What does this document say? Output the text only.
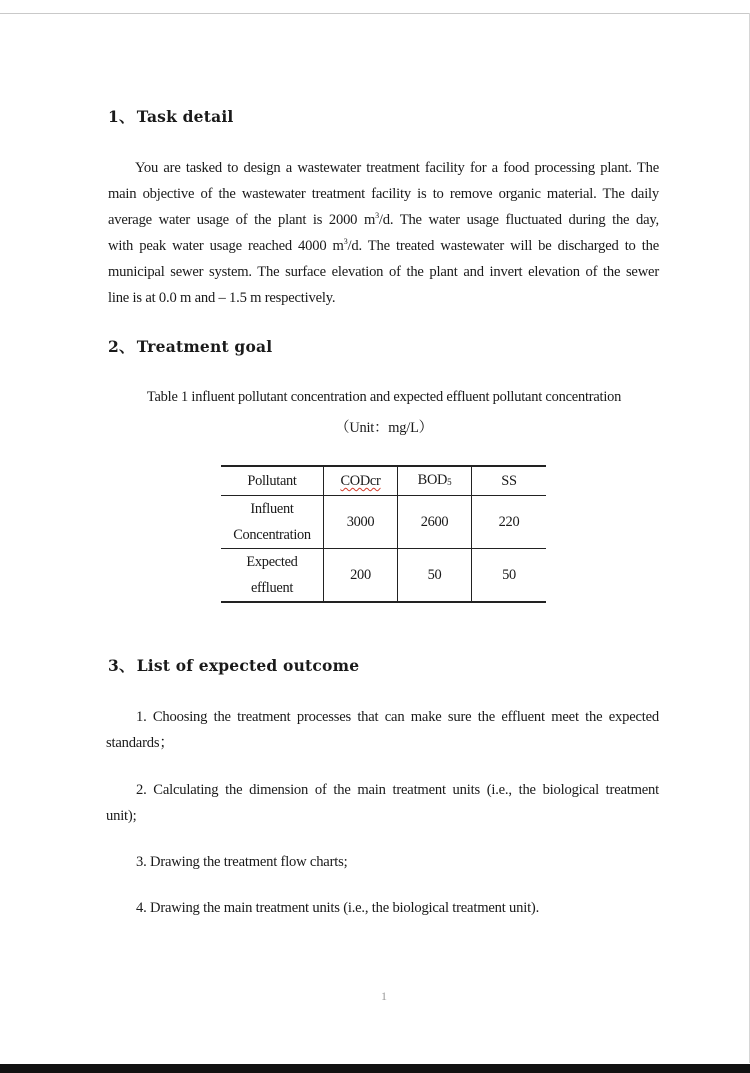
1、 Task detail
You are tasked to design a wastewater treatment facility for a food processing plant. The
main objective of the wastewater treatment facility is to remove organic material. The daily
average water usage of the plant is 2000 $m^3/d$. The water usage fluctuated during the day,
with peak water usage reached 4000 $m^3/d$. The treated wastewater will be discharged to the
municipal sewer system. The surface elevation of the plant and invert elevation of the sewer
line is at 0.0 m and – 1.5 m respectively.
2、 Treatment goal
Table 1 influent pollutant concentration and expected effluent pollutant concentration
（Unit：mg/L）
Pollutant	CODcr	$BOD_5$	SS

Influent
Concentration	3000	2600	220

Expected
effluent	200	50	50
3、 List of expected outcome
1. Choosing the treatment processes that can make sure the effluent meet the expected
standards；
2. Calculating the dimension of the main treatment units (i.e., the biological treatment
unit);
3. Drawing the treatment flow charts;
4. Drawing the main treatment units (i.e., the biological treatment unit).
1
